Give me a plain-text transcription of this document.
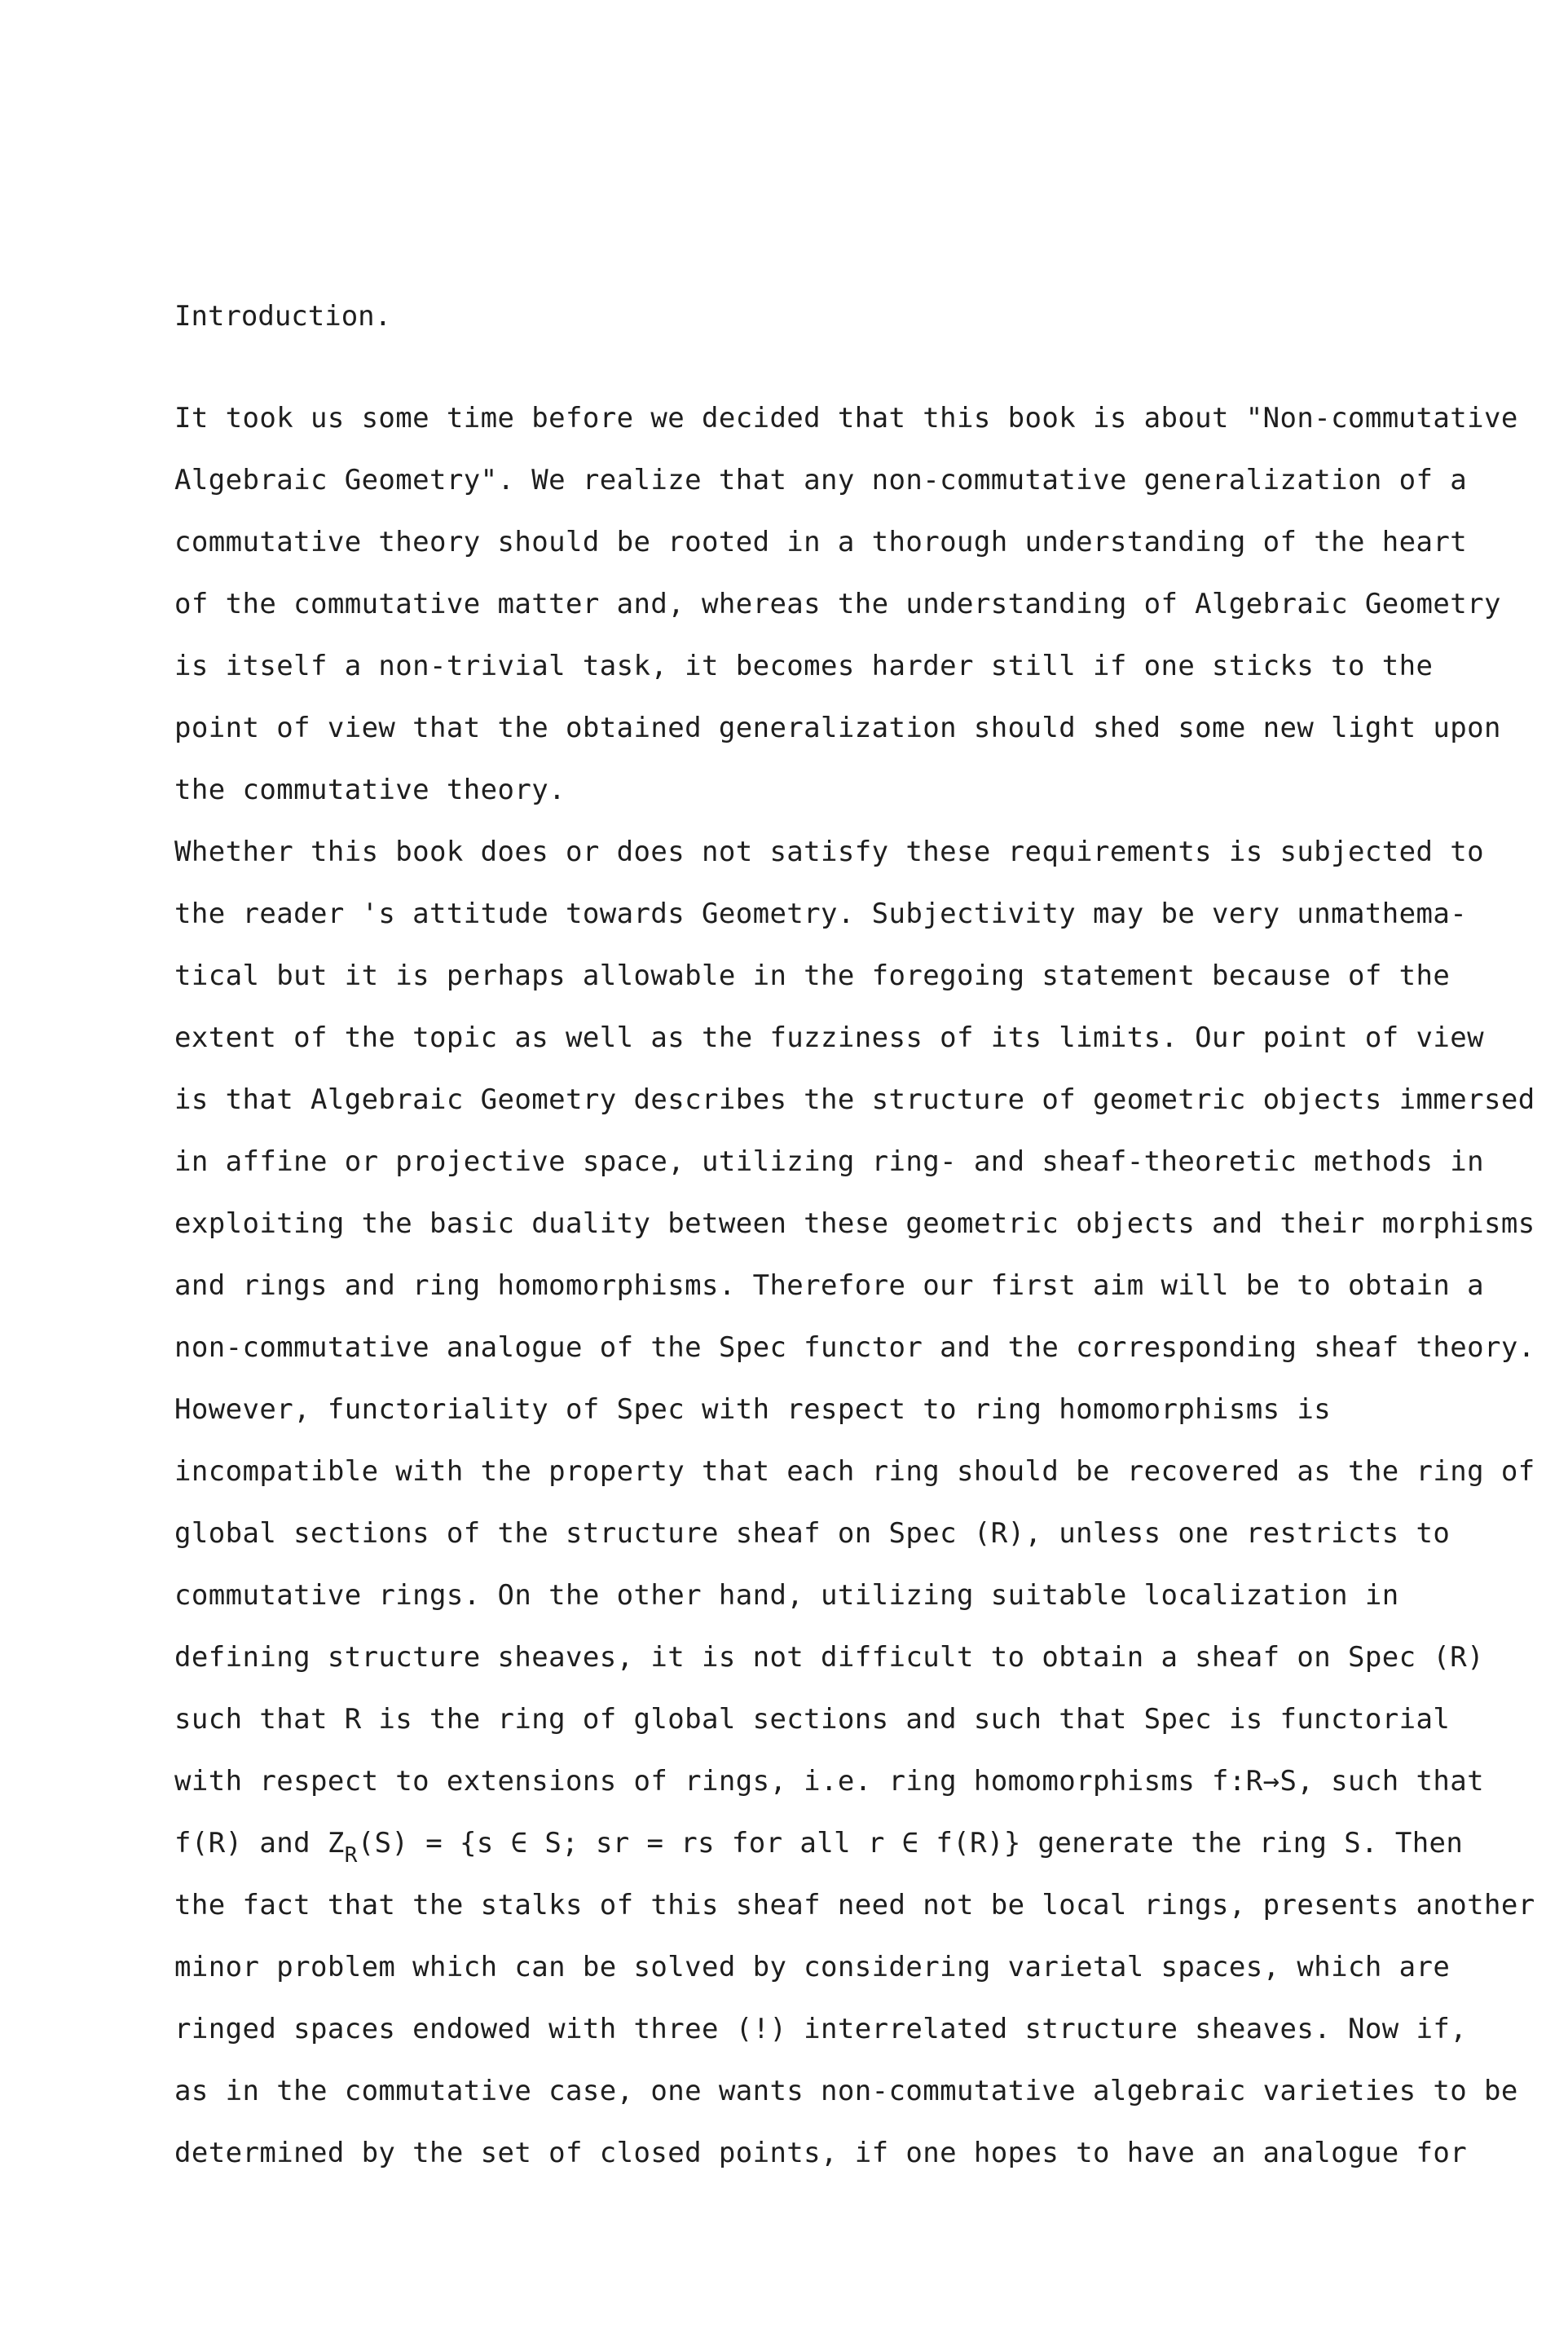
Introduction.
It took us some time before we decided that this book is about "Non-commutative
Algebraic Geometry". We realize that any non-commutative generalization of a
commutative theory should be rooted in a thorough understanding of the heart
of the commutative matter and, whereas the understanding of Algebraic Geometry
is itself a non-trivial task, it becomes harder still if one sticks to the
point of view that the obtained generalization should shed some new light upon
the commutative theory.
Whether this book does or does not satisfy these requirements is subjected to
the reader 's attitude towards Geometry. Subjectivity may be very unmathema-
tical but it is perhaps allowable in the foregoing statement because of the
extent of the topic as well as the fuzziness of its limits. Our point of view
is that Algebraic Geometry describes the structure of geometric objects immersed
in affine or projective space, utilizing ring- and sheaf-theoretic methods in
exploiting the basic duality between these geometric objects and their morphisms
and rings and ring homomorphisms. Therefore our first aim will be to obtain a
non-commutative analogue of the Spec functor and the corresponding sheaf theory.
However, functoriality of Spec with respect to ring homomorphisms is
incompatible with the property that each ring should be recovered as the ring of
global sections of the structure sheaf on Spec (R), unless one restricts to
commutative rings. On the other hand, utilizing suitable localization in
defining structure sheaves, it is not difficult to obtain a sheaf on Spec (R)
such that R is the ring of global sections and such that Spec is functorial
with respect to extensions of rings, i.e. ring homomorphisms f:R→S, such that
f(R) and $Z_R(S) = \{s$ ∈ S; sr = rs for all r ∈ f(R)} generate the ring S. Then
the fact that the stalks of this sheaf need not be local rings, presents another
minor problem which can be solved by considering varietal spaces, which are
ringed spaces endowed with three (!) interrelated structure sheaves. Now if,
as in the commutative case, one wants non-commutative algebraic varieties to be
determined by the set of closed points, if one hopes to have an analogue for
